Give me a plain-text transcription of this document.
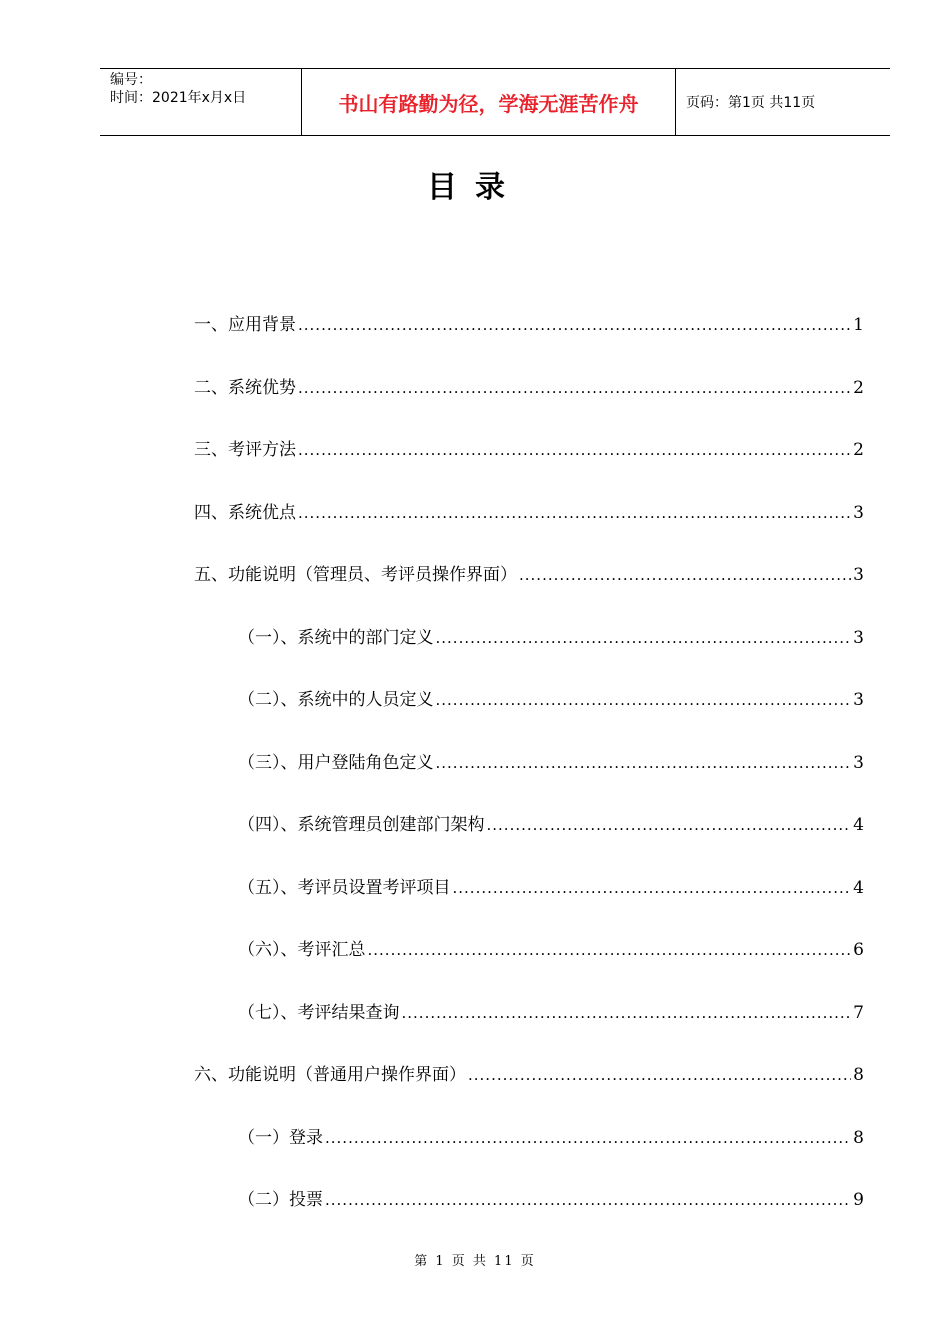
编号：
时间：2021年x月x日	书山有路勤为径，学海无涯苦作舟	页码：第1页 共11页
目录
一、应用背景 .....	1
二、系统优势 .....	2
三、考评方法 .....	2
四、系统优点 .....	3
五、功能说明（管理员、考评员操作界面） .....	3
（一）、系统中的部门定义 .....	3
（二）、系统中的人员定义 .....	3
（三）、用户登陆角色定义 .....	3
（四）、系统管理员创建部门架构 .....	4
（五）、考评员设置考评项目 .....	4
（六）、考评汇总 .....	6
（七）、考评结果查询 .....	7
六、功能说明（普通用户操作界面） .....	8
（一）登录 .....	8
（二）投票 .....	9
第 1 页 共 11 页
